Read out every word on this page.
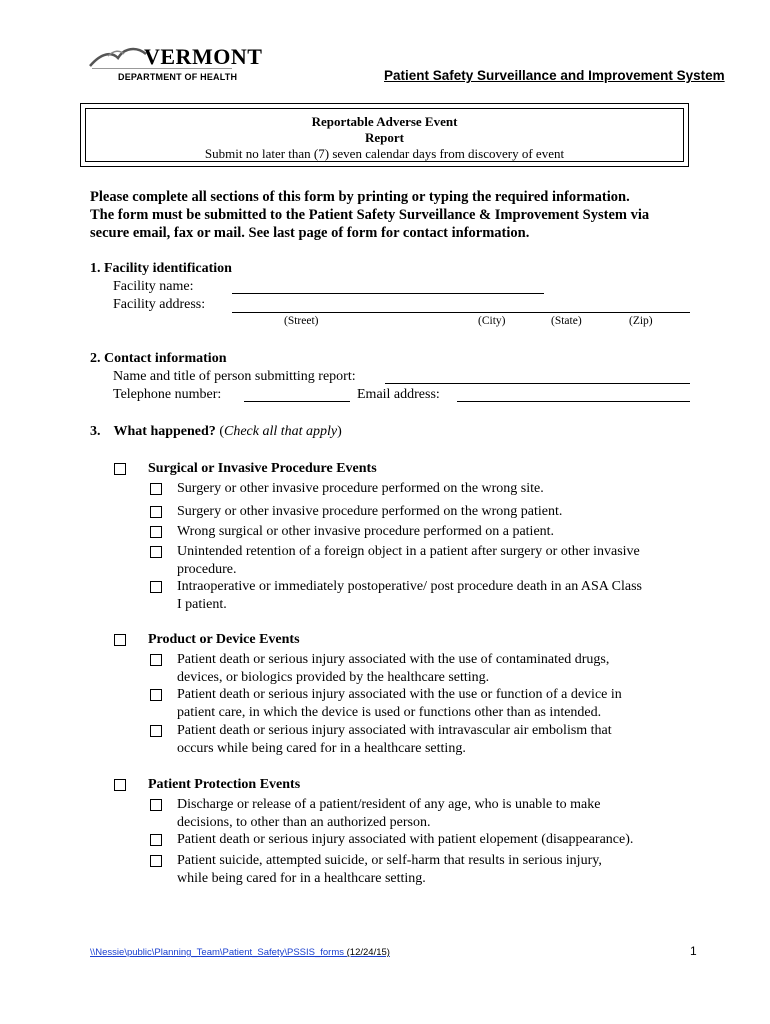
VERMONT
DEPARTMENT OF HEALTH	Patient Safety Surveillance and Improvement System
Reportable Adverse Event
Report
Submit no later than (7) seven calendar days from discovery of event
Please complete all sections of this form by printing or typing the required information.
The form must be submitted to the Patient Safety Surveillance & Improvement System via
secure email, fax or mail. See last page of form for contact information.
1. Facility identification
Facility name:
Facility address:
(Street)	(City)	(State)	(Zip)
2. Contact information
Name and title of person submitting report:
Telephone number:	Email address:
3. What happened? (Check all that apply)
Surgical or Invasive Procedure Events
Surgery or other invasive procedure performed on the wrong site.
Surgery or other invasive procedure performed on the wrong patient.
Wrong surgical or other invasive procedure performed on a patient.
Unintended retention of a foreign object in a patient after surgery or other invasive
procedure.
Intraoperative or immediately postoperative/ post procedure death in an ASA Class
I patient.
Product or Device Events
Patient death or serious injury associated with the use of contaminated drugs,
devices, or biologics provided by the healthcare setting.
Patient death or serious injury associated with the use or function of a device in
patient care, in which the device is used or functions other than as intended.
Patient death or serious injury associated with intravascular air embolism that
occurs while being cared for in a healthcare setting.
Patient Protection Events
Discharge or release of a patient/resident of any age, who is unable to make
decisions, to other than an authorized person.
Patient death or serious injury associated with patient elopement (disappearance).
Patient suicide, attempted suicide, or self-harm that results in serious injury,
while being cared for in a healthcare setting.
\\Nessie\public\Planning_Team\Patient_Safety\PSSIS_forms (12/24/15)	1
